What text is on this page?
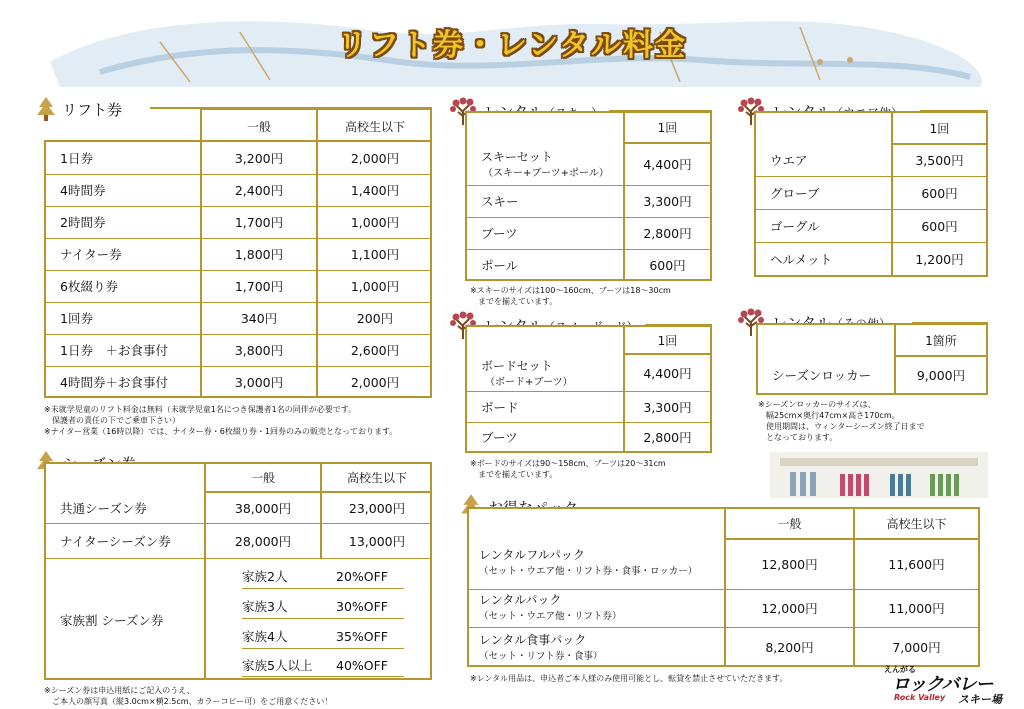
リフト券・レンタル料金
リフト券
一般	高校生以下
1日券	3,200円	2,000円
4時間券	2,400円	1,400円
2時間券	1,700円	1,000円
ナイター券	1,800円	1,100円
6枚綴り券	1,700円	1,000円
1回券	340円	200円
1日券　＋お食事付	3,800円	2,600円
4時間券＋お食事付	3,000円	2,000円
※未就学児童のリフト料金は無料（未就学児童1名につき保護者1名の同伴が必要です。
　保護者の責任の下でご乗車下さい）
※ナイター営業（16時以降）では、ナイター券・6枚綴り券・1回券のみの販売となっております。
一般	高校生以下
共通シーズン券	38,000円	23,000円
ナイターシーズン券	28,000円	13,000円
家族割 シーズン券
家族2人	20%OFF
家族3人	30%OFF
家族4人	35%OFF
家族5人以上	40%OFF
※シーズン券は申込用紙にご記入のうえ、
　ご本人の顔写真（縦3.0cm×横2.5cm、カラーコピー可）をご用意ください！
1回
スキーセット
（スキー+ブーツ+ポール）
4,400円
スキー	3,300円
ブーツ	2,800円
ポール	600円
※スキーのサイズは100～160cm、ブーツは18～30cm
　までを揃えています。
1回
ボードセット
（ボード+ブーツ）
4,400円
ボード	3,300円
ブーツ	2,800円
※ボードのサイズは90～158cm、ブーツは20～31cm
　までを揃えています。
1回
ウエア	3,500円
グローブ	600円
ゴーグル	600円
ヘルメット	1,200円
1箇所
シーズンロッカー	9,000円
※シーズンロッカーのサイズは、
　幅25cm×奥行47cm×高さ170cm。
　使用期間は、ウィンターシーズン終了日まで
　となっております。
一般	高校生以下
レンタルフルパック
（セット・ウエア他・リフト券・食事・ロッカー）	12,800円	11,600円
レンタルパック
（セット・ウエア他・リフト券）
12,000円	11,000円
レンタル食事パック
（セット・リフト券・食事）
8,200円	7,000円
※レンタル用品は、申込者ご本人様のみ使用可能とし、転貸を禁止させていただきます。
えんがる
ロックバレー
Rock Valley スキー場
